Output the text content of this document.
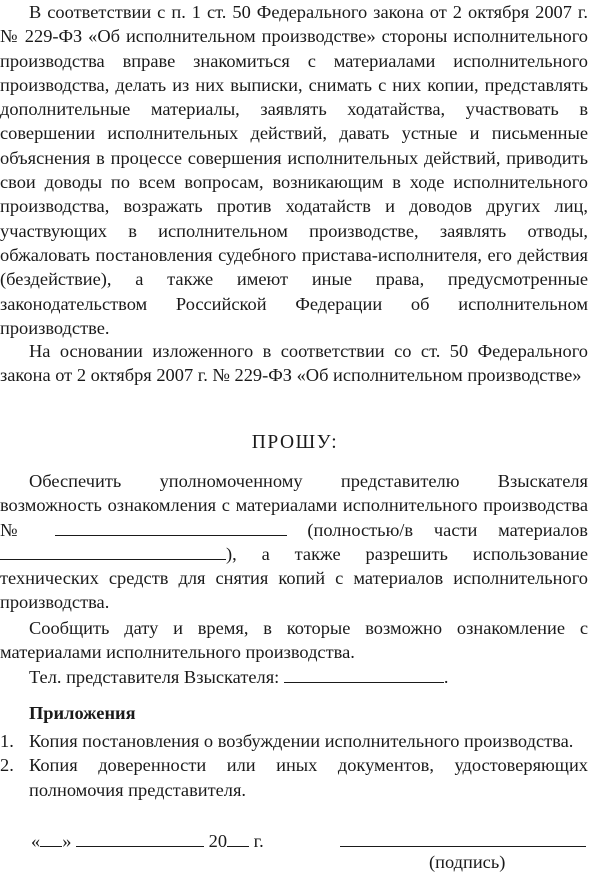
В соответствии с п. 1 ст. 50 Федерального закона от 2 октября 2007 г. № 229-ФЗ «Об исполнительном производстве» стороны исполнительного производства вправе знакомиться с материалами исполнительного производства, делать из них выписки, снимать с них копии, представлять дополнительные материалы, заявлять ходатайства, участвовать в совершении исполнительных действий, давать устные и письменные объяснения в процессе совершения исполнительных действий, приводить свои доводы по всем вопросам, возникающим в ходе исполнительного производства, возражать против ходатайств и доводов других лиц, участвующих в исполнительном производстве, заявлять отводы, обжаловать постановления судебного пристава-исполнителя, его действия (бездействие), а также имеют иные права, предусмотренные законодательством Российской Федерации об исполнительном производстве.

На основании изложенного в соответствии со ст. 50 Федерального закона от 2 октября 2007 г. № 229-ФЗ «Об исполнительном производстве»

ПРОШУ:

Обеспечить уполномоченному представителю Взыскателя возможность ознакомления с материалами исполнительного производства №	(полностью/в части материалов ), а также разрешить использование технических средств для снятия копий с материалов исполнительного производства.

Сообщить дату и время, в которые возможно ознакомление с материалами исполнительного производства.

Тел. представителя Взыскателя:	.

Приложения
1. Копия постановления о возбуждении исполнительного производства.
2. Копия доверенности или иных документов, удостоверяющих полномочия представителя.
« »	20 г.
(подпись)
